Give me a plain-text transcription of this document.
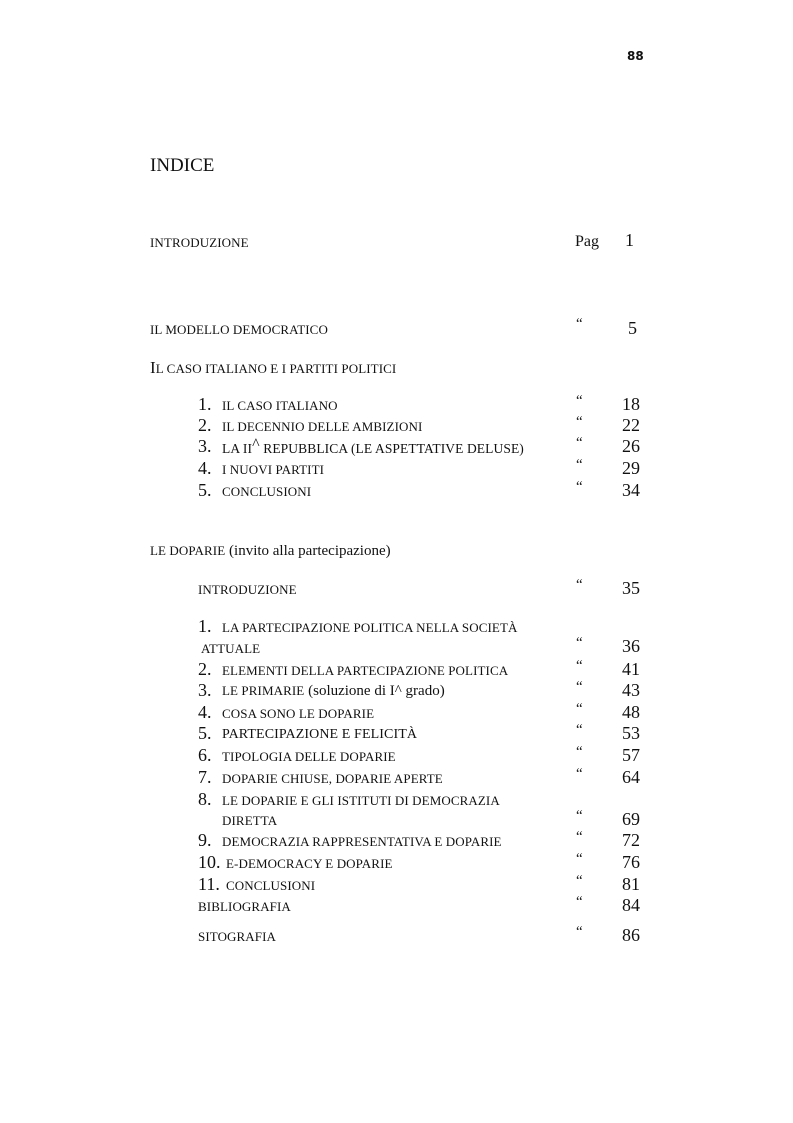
88
INDICE
INTRODUZIONE	Pag 1
IL MODELLO DEMOCRATICO	“	5
IL CASO ITALIANO E I PARTITI POLITICI
1. IL CASO ITALIANO	“ 18
2. IL DECENNIO DELLE AMBIZIONI	“ 22
3. LA II^ REPUBBLICA (LE ASPETTATIVE DELUSE)	“ 26
4. I NUOVI PARTITI	“ 29
5. CONCLUSIONI	“ 34
LE DOPARIE (invito alla partecipazione)
INTRODUZIONE	“ 35
1. LA PARTECIPAZIONE POLITICA NELLA SOCIETÀ
ATTUALE	“ 36
2. ELEMENTI DELLA PARTECIPAZIONE POLITICA	“ 41
3. LE PRIMARIE (soluzione di I^ grado)	“ 43
4. COSA SONO LE DOPARIE	“ 48
5. PARTECIPAZIONE E FELICITÀ	“ 53
6. TIPOLOGIA DELLE DOPARIE	“ 57
7. DOPARIE CHIUSE, DOPARIE APERTE	“ 64
8. LE DOPARIE E GLI ISTITUTI DI DEMOCRAZIA
DIRETTA	“ 69
9. DEMOCRAZIA RAPPRESENTATIVA E DOPARIE	“ 72
10. E-DEMOCRACY E DOPARIE	“ 76
11. CONCLUSIONI	“ 81
BIBLIOGRAFIA	“ 84
SITOGRAFIA	“ 86
